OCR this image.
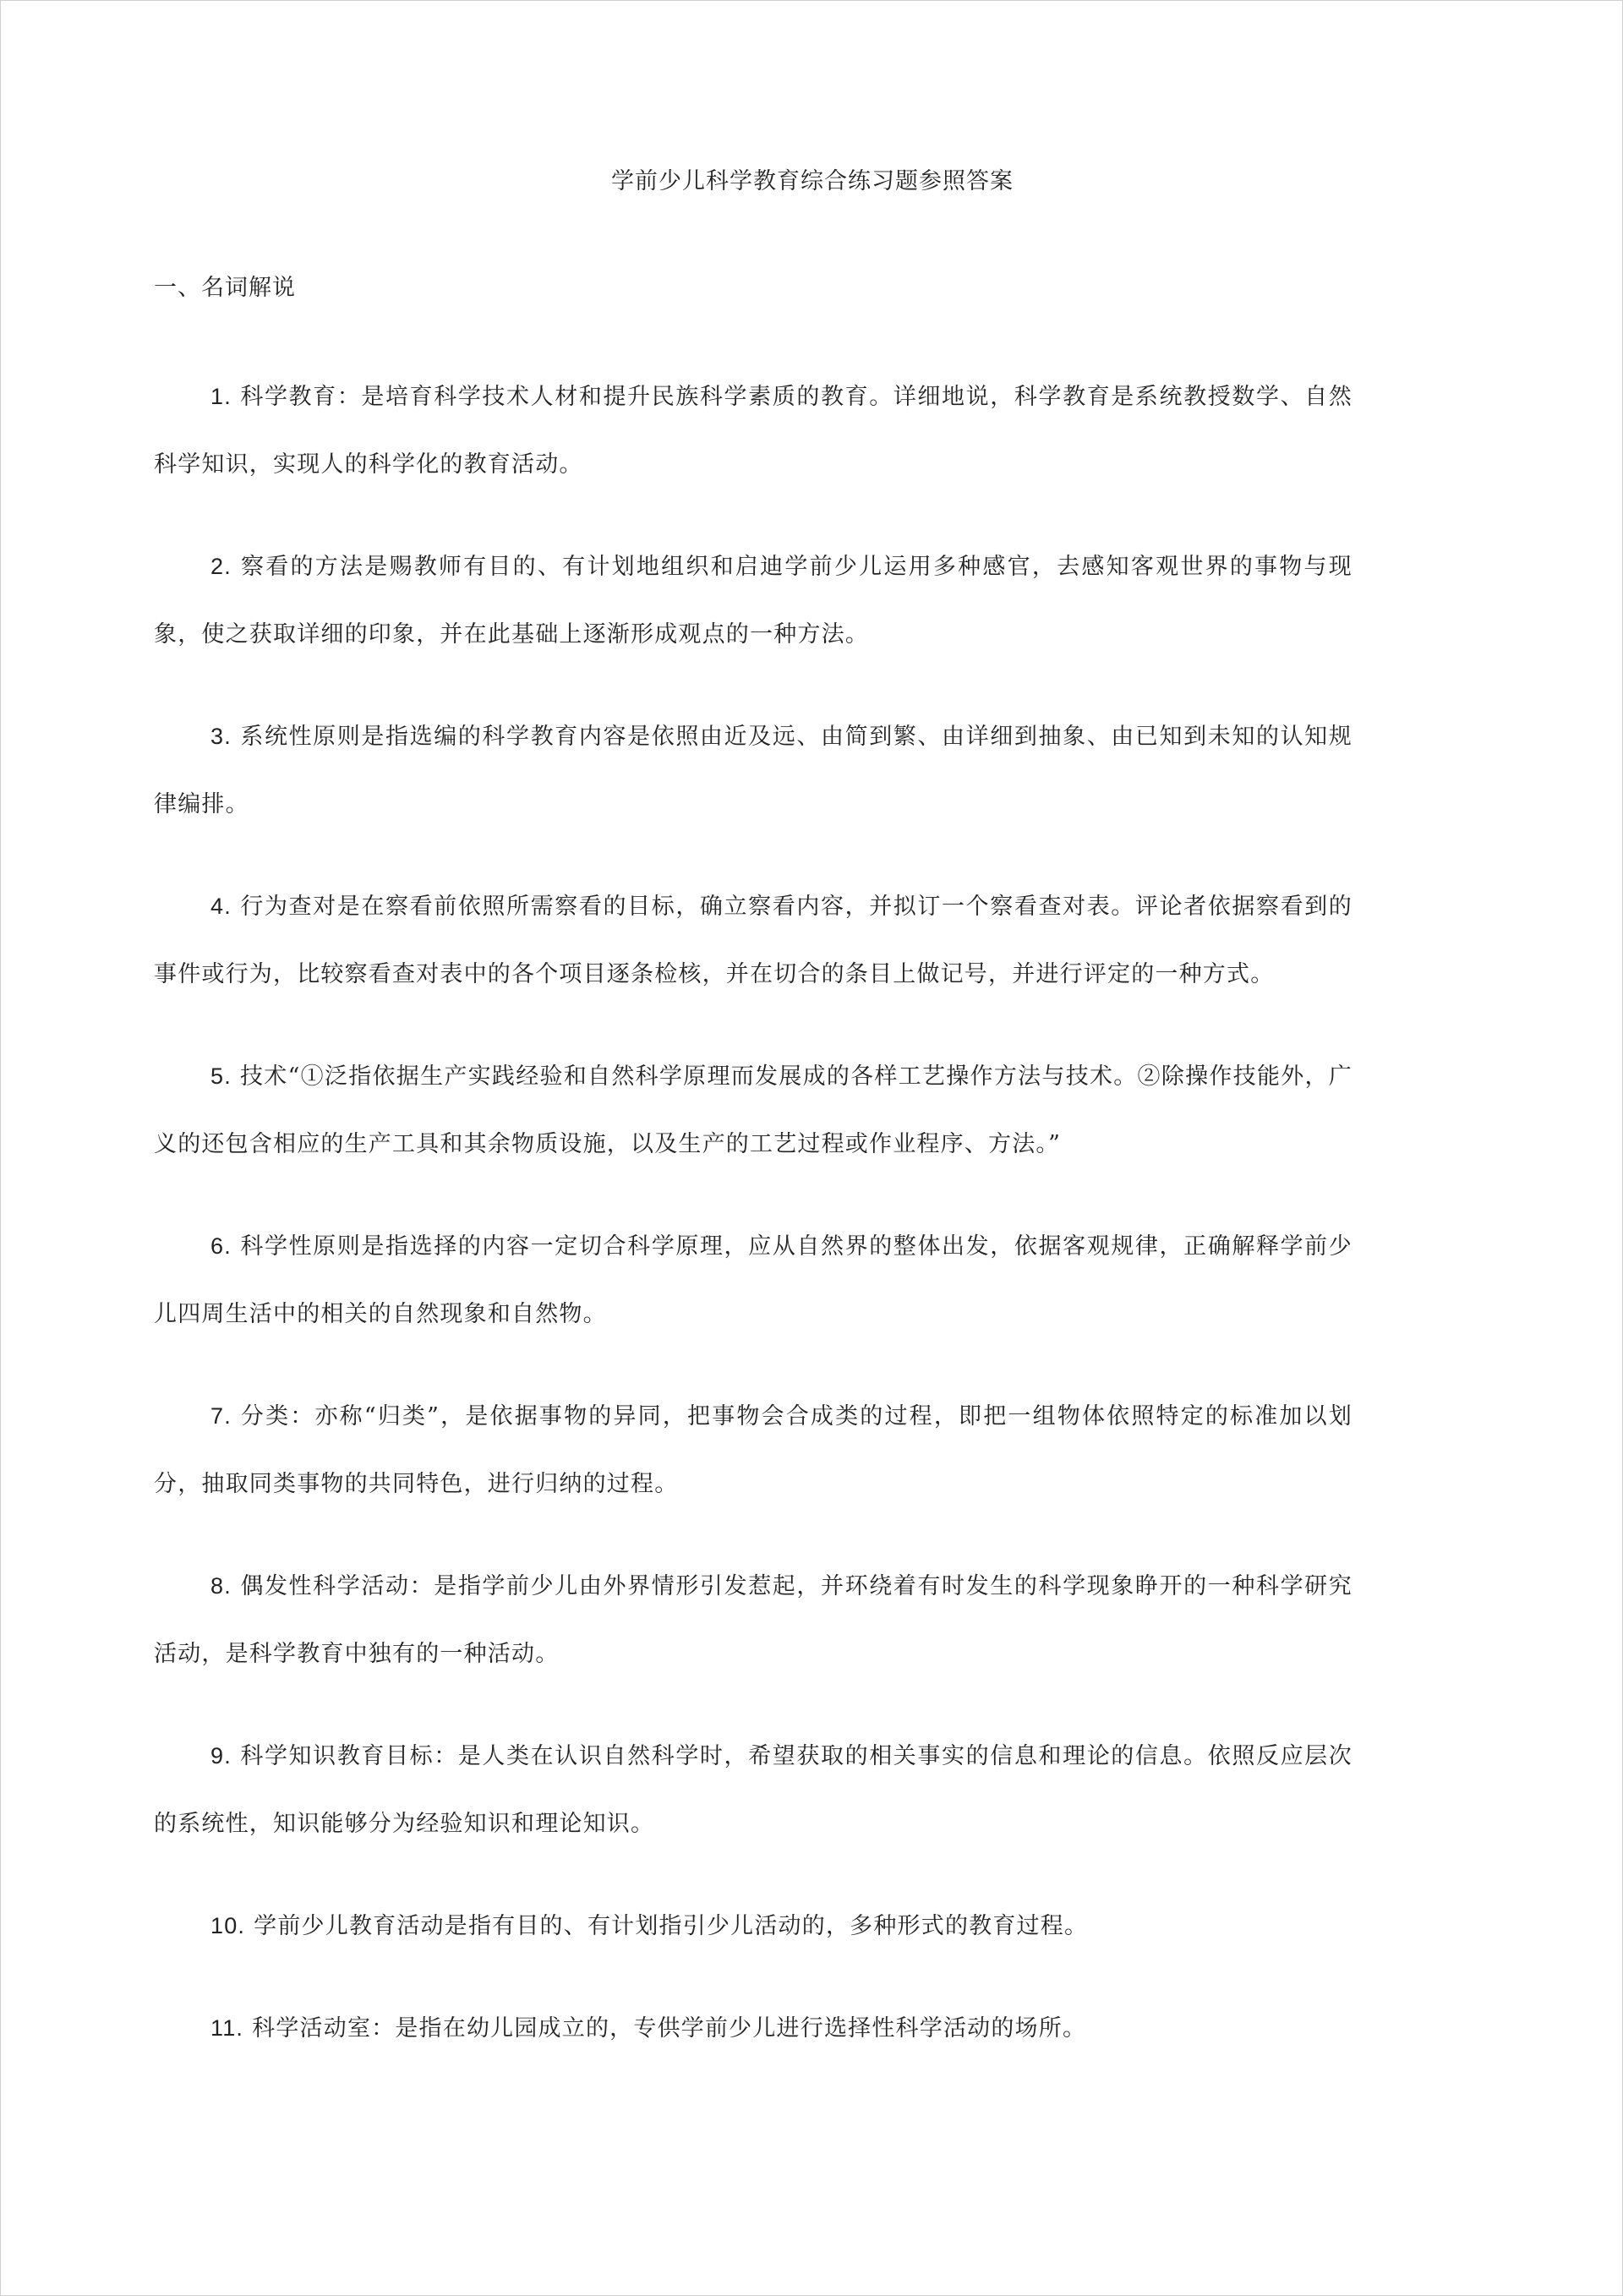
学前少儿科学教育综合练习题参照答案
一、名词解说
1. 科学教育：是培育科学技术人材和提升民族科学素质的教育。详细地说，科学教育是系统教授数学、自然科学知识，实现人的科学化的教育活动。
2. 察看的方法是赐教师有目的、有计划地组织和启迪学前少儿运用多种感官，去感知客观世界的事物与现象，使之获取详细的印象，并在此基础上逐渐形成观点的一种方法。
3. 系统性原则是指选编的科学教育内容是依照由近及远、由简到繁、由详细到抽象、由已知到未知的认知规律编排。
4. 行为查对是在察看前依照所需察看的目标，确立察看内容，并拟订一个察看查对表。评论者依据察看到的事件或行为，比较察看查对表中的各个项目逐条检核，并在切合的条目上做记号，并进行评定的一种方式。
5. 技术“①泛指依据生产实践经验和自然科学原理而发展成的各样工艺操作方法与技术。②除操作技能外，广义的还包含相应的生产工具和其余物质设施，以及生产的工艺过程或作业程序、方法。”
6. 科学性原则是指选择的内容一定切合科学原理，应从自然界的整体出发，依据客观规律，正确解释学前少儿四周生活中的相关的自然现象和自然物。
7. 分类：亦称“归类”，是依据事物的异同，把事物会合成类的过程，即把一组物体依照特定的标准加以划分，抽取同类事物的共同特色，进行归纳的过程。
8. 偶发性科学活动：是指学前少儿由外界情形引发惹起，并环绕着有时发生的科学现象睁开的一种科学研究活动，是科学教育中独有的一种活动。
9. 科学知识教育目标：是人类在认识自然科学时，希望获取的相关事实的信息和理论的信息。依照反应层次的系统性，知识能够分为经验知识和理论知识。
10. 学前少儿教育活动是指有目的、有计划指引少儿活动的，多种形式的教育过程。
11. 科学活动室：是指在幼儿园成立的，专供学前少儿进行选择性科学活动的场所。
